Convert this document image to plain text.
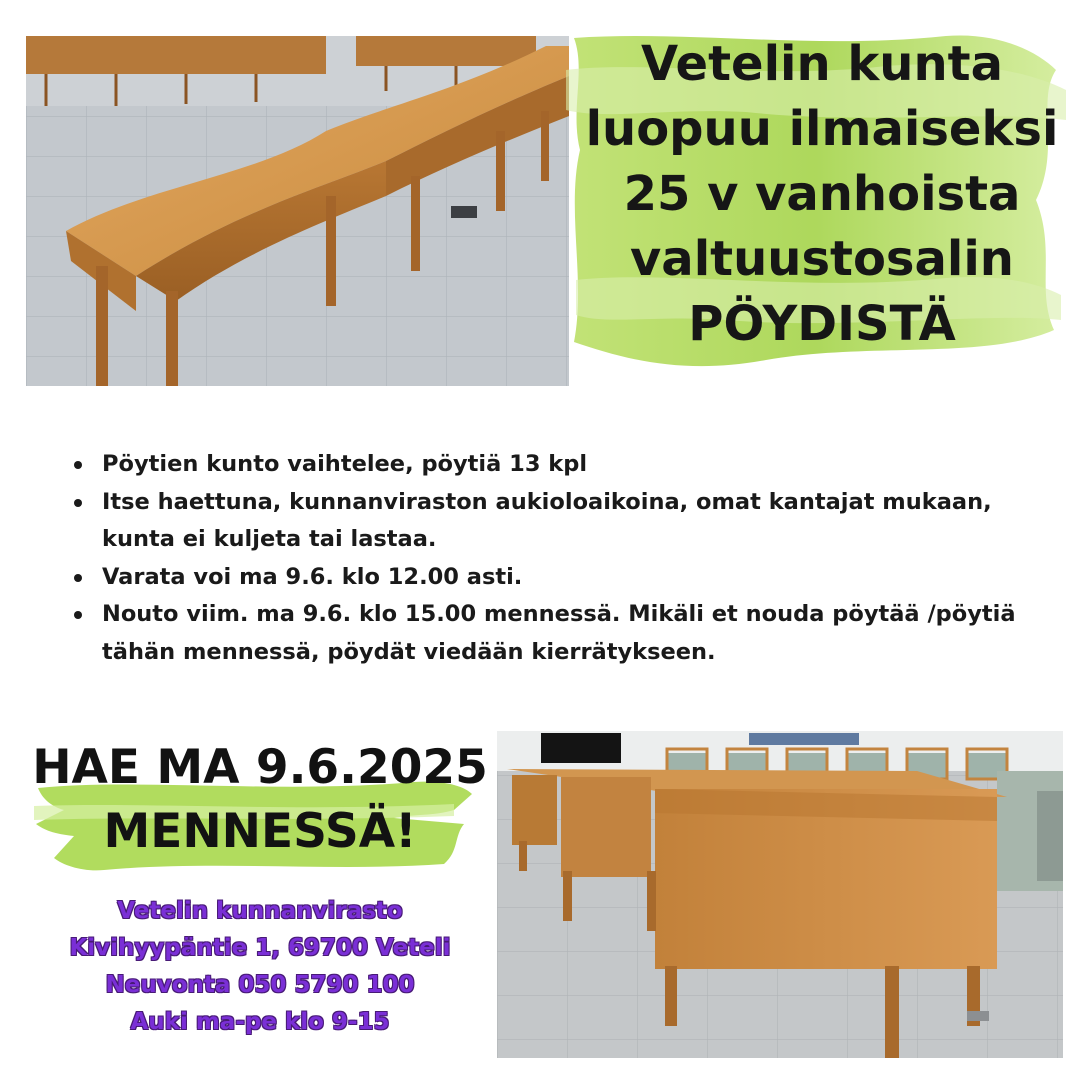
Vetelin kunta
luopuu ilmaiseksi
25 v vanhoista
valtuustosalin
PÖYDISTÄ
Pöytien kunto vaihtelee, pöytiä 13 kpl
Itse haettuna, kunnanviraston aukioloaikoina, omat kantajat mukaan, kunta ei kuljeta tai lastaa.
Varata voi ma 9.6. klo 12.00 asti.
Nouto viim. ma 9.6. klo 15.00 mennessä. Mikäli et nouda pöytää /pöytiä tähän mennessä, pöydät viedään kierrätykseen.
HAE MA 9.6.2025
MENNESSÄ!
Vetelin kunnanvirasto
Kivihyypäntie 1, 69700 Veteli
Neuvonta 050 5790 100
Auki ma-pe klo 9-15
